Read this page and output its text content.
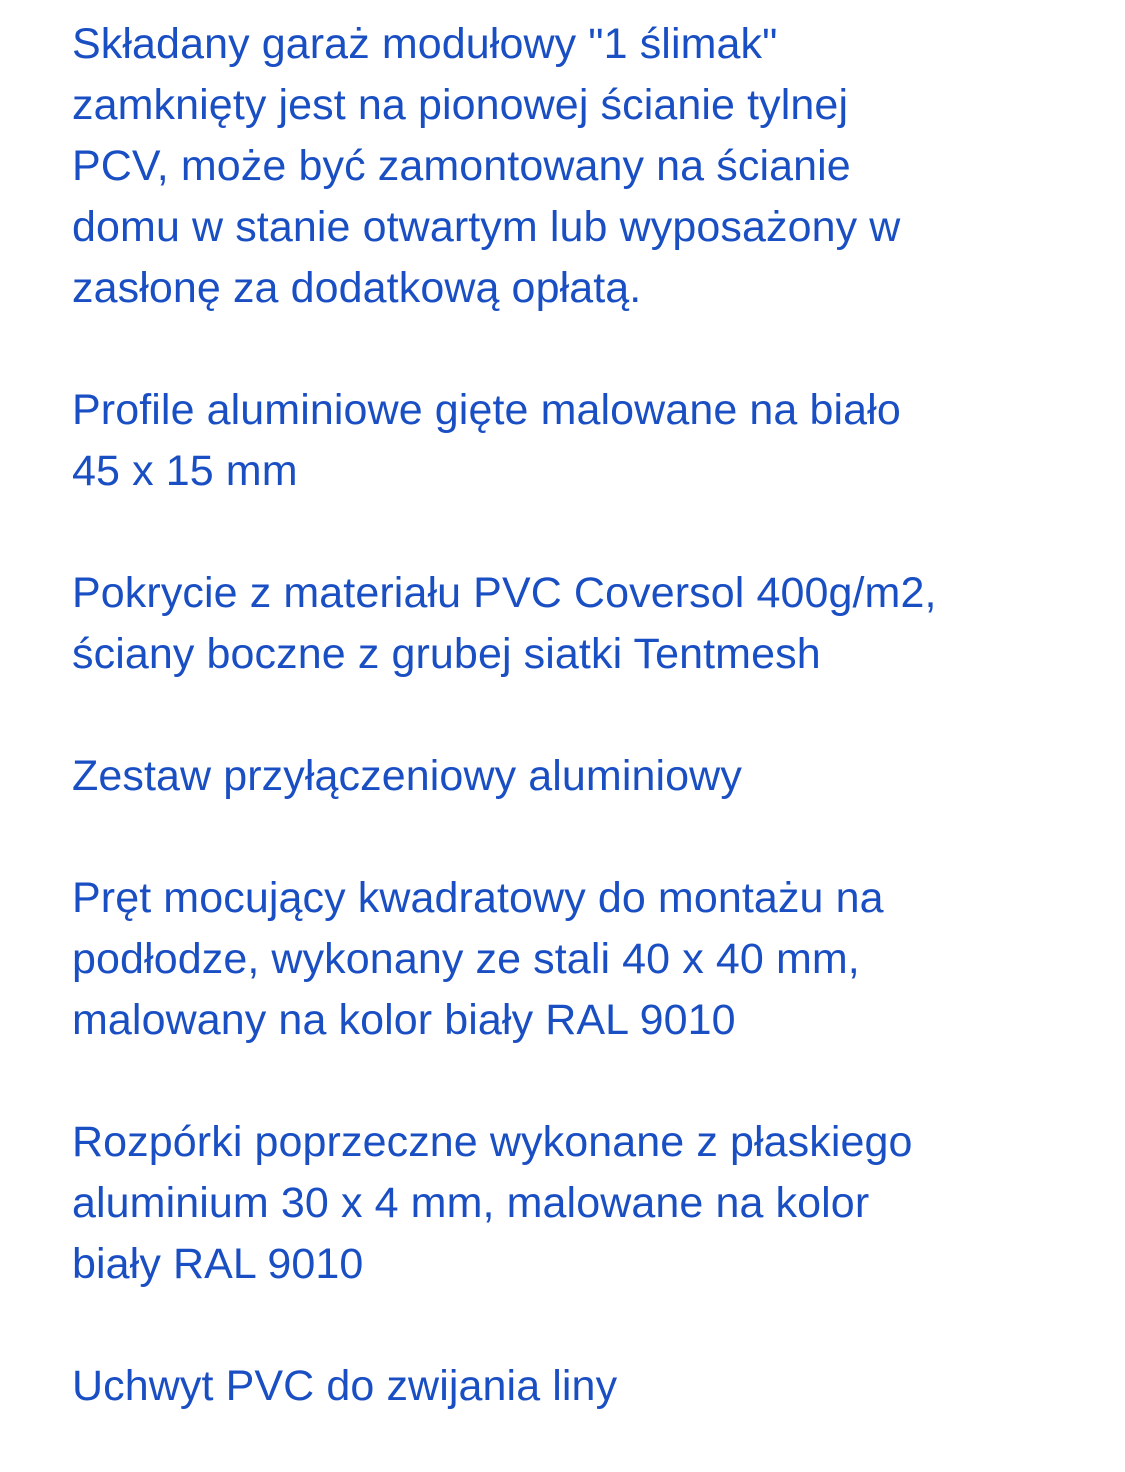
Składany garaż modułowy "1 ślimak"
zamknięty jest na pionowej ścianie tylnej
PCV, może być zamontowany na ścianie
domu w stanie otwartym lub wyposażony w
zasłonę za dodatkową opłatą.

Profile aluminiowe gięte malowane na biało
45 x 15 mm

Pokrycie z materiału PVC Coversol 400g/m2,
ściany boczne z grubej siatki Tentmesh

Zestaw przyłączeniowy aluminiowy

Pręt mocujący kwadratowy do montażu na
podłodze, wykonany ze stali 40 x 40 mm,
malowany na kolor biały RAL 9010

Rozpórki poprzeczne wykonane z płaskiego
aluminium 30 x 4 mm, malowane na kolor
biały RAL 9010

Uchwyt PVC do zwijania liny
